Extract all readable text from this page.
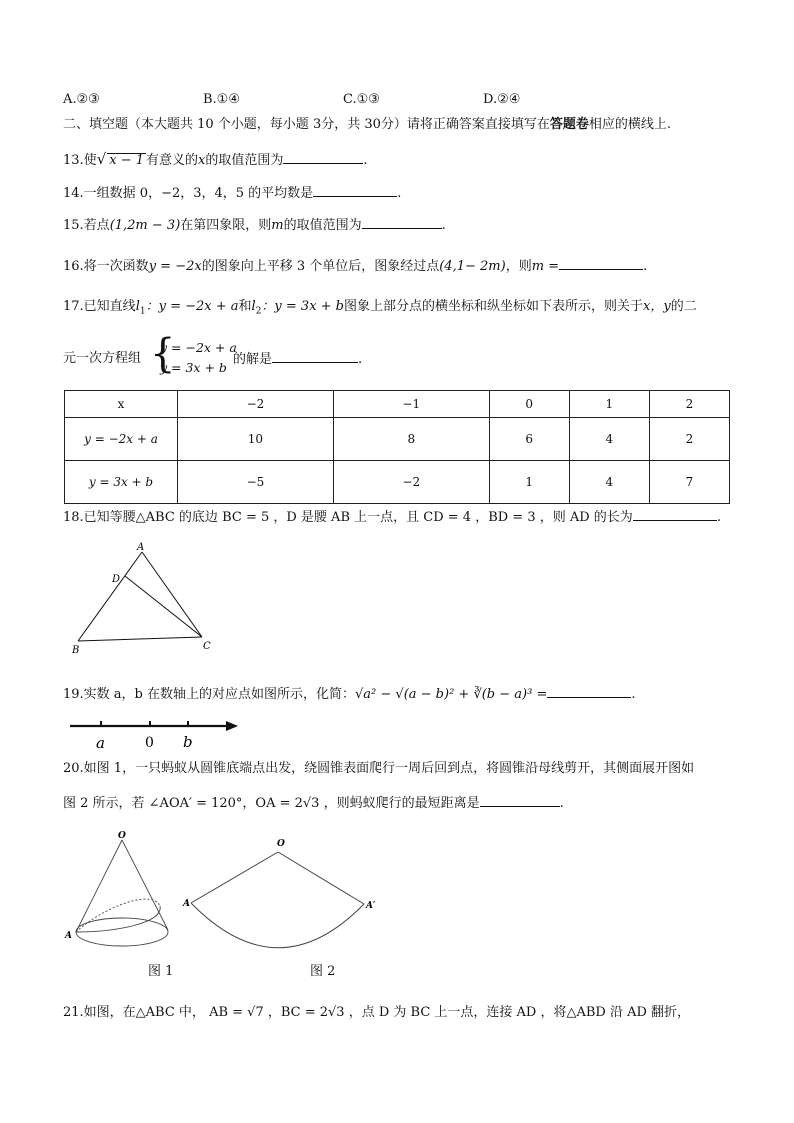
A.②③	B.①④	C.①③	D.②④
二、填空题（本大题共 10 个小题，每小题 3分，共 30分）请将正确答案直接填写在答题卷相应的横线上.
13.使√ x − 1 有意义的x的取值范围为	.
14.一组数据 0，−2，3，4，5 的平均数是	.
15.若点(1,2m − 3)在第四象限，则m的取值范围为	.
16.将一次函数y = −2x的图象向上平移 3 个单位后，图象经过点(4,1− 2m)，则m =	.
17.已知直线$l_1$：y = −2x + a和$l_2$：y = 3x + b图象上部分点的横坐标和纵坐标如下表所示，则关于x，y的二
元一次方程组 {
y = −2x + a
y = 3x + b
的解是	.
x	−2	−1	0	1	2
y = −2x + a	10	8	6	4	2
y = 3x + b	−5	−2	1	4	7
18.已知等腰△ABC 的底边 BC = 5 ，D 是腰 AB 上一点，且 CD = 4 ，BD = 3 ，则 AD 的长为	.
A
D
B	C
19.实数 a，b 在数轴上的对应点如图所示，化简：√a² − √(a − b)² + ∛(b − a)³ =	.
a	0 b
20.如图 1，一只蚂蚁从圆锥底端点出发，绕圆锥表面爬行一周后回到点，将圆锥沿母线剪开，其侧面展开图如
图 2 所示，若 ∠AOA′ = 120°，OA = 2√3 ，则蚂蚁爬行的最短距离是	.
O
A
O
A	A′
图 1	图 2
21.如图，在△ABC 中， AB = √7 ，BC = 2√3 ，点 D 为 BC 上一点，连接 AD ，将△ABD 沿 AD 翻折，
